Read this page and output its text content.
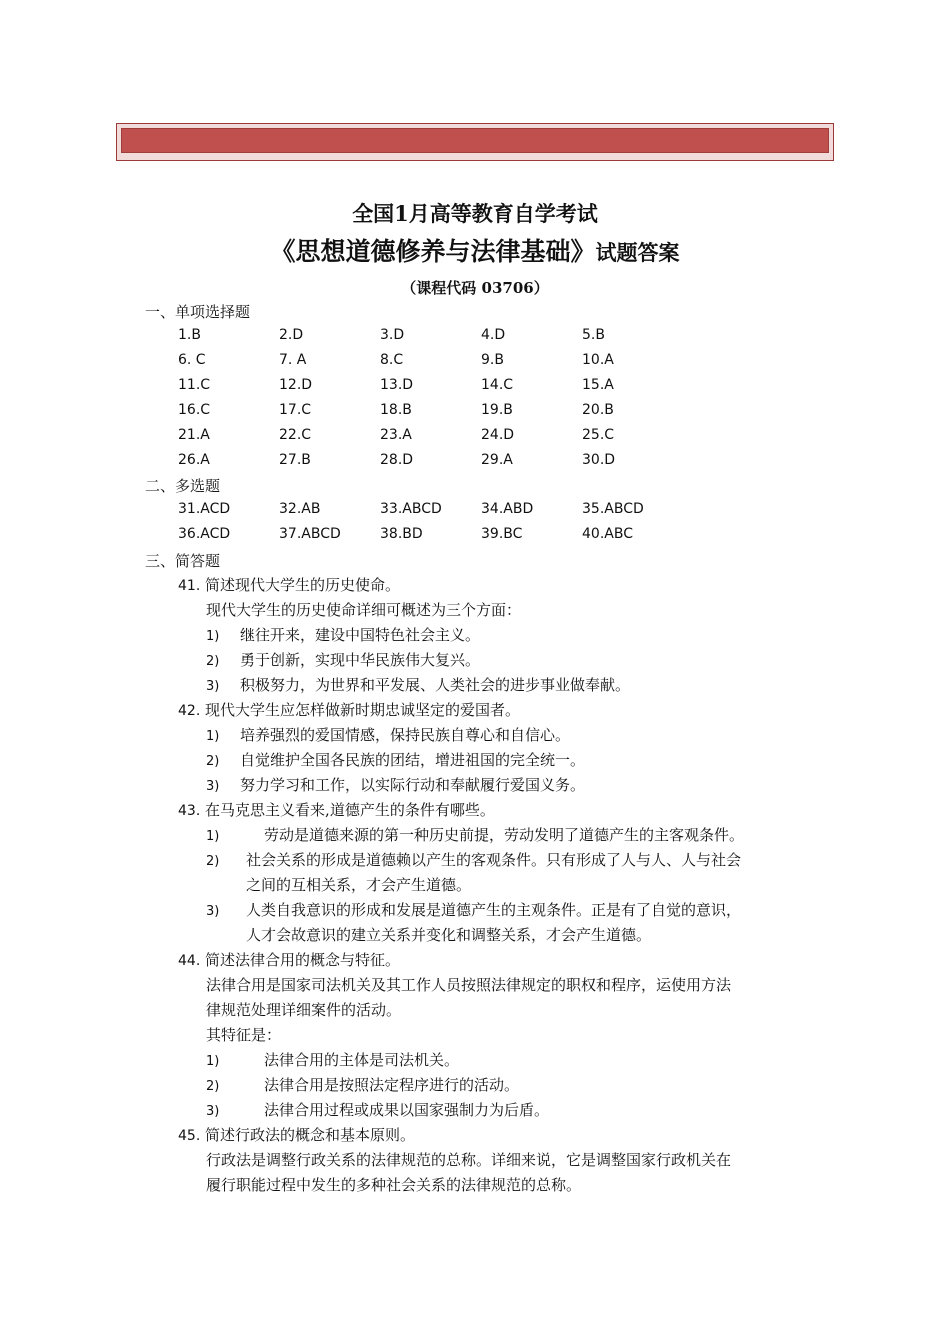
全国1月高等教育自学考试
《思想道德修养与法律基础》试题答案
（课程代码 03706）
一、单项选择题
1.B	2.D	3.D	4.D	5.B
6. C	7. A	8.C	9.B	10.A
11.C	12.D	13.D	14.C	15.A
16.C	17.C	18.B	19.B	20.B
21.A	22.C	23.A	24.D	25.C
26.A	27.B	28.D	29.A	30.D
二、多选题
31.ACD	32.AB	33.ABCD	34.ABD	35.ABCD
36.ACD	37.ABCD	38.BD	39.BC	40.ABC
三、简答题
41. 简述现代大学生的历史使命。
现代大学生的历史使命详细可概述为三个方面：
1) 继往开来，建设中国特色社会主义。
2) 勇于创新，实现中华民族伟大复兴。
3) 积极努力，为世界和平发展、人类社会的进步事业做奉献。
42. 现代大学生应怎样做新时期忠诚坚定的爱国者。
1) 培养强烈的爱国情感，保持民族自尊心和自信心。
2) 自觉维护全国各民族的团结，增进祖国的完全统一。
3) 努力学习和工作，以实际行动和奉献履行爱国义务。
43. 在马克思主义看来,道德产生的条件有哪些。
1)	劳动是道德来源的第一种历史前提，劳动发明了道德产生的主客观条件。
2) 社会关系的形成是道德赖以产生的客观条件。只有形成了人与人、人与社会
之间的互相关系，才会产生道德。
3) 人类自我意识的形成和发展是道德产生的主观条件。正是有了自觉的意识，
人才会故意识的建立关系并变化和调整关系，才会产生道德。
44. 简述法律合用的概念与特征。
法律合用是国家司法机关及其工作人员按照法律规定的职权和程序，运使用方法
律规范处理详细案件的活动。
其特征是：
1)	法律合用的主体是司法机关。
2)	法律合用是按照法定程序进行的活动。
3)	法律合用过程或成果以国家强制力为后盾。
45. 简述行政法的概念和基本原则。
行政法是调整行政关系的法律规范的总称。详细来说，它是调整国家行政机关在
履行职能过程中发生的多种社会关系的法律规范的总称。
